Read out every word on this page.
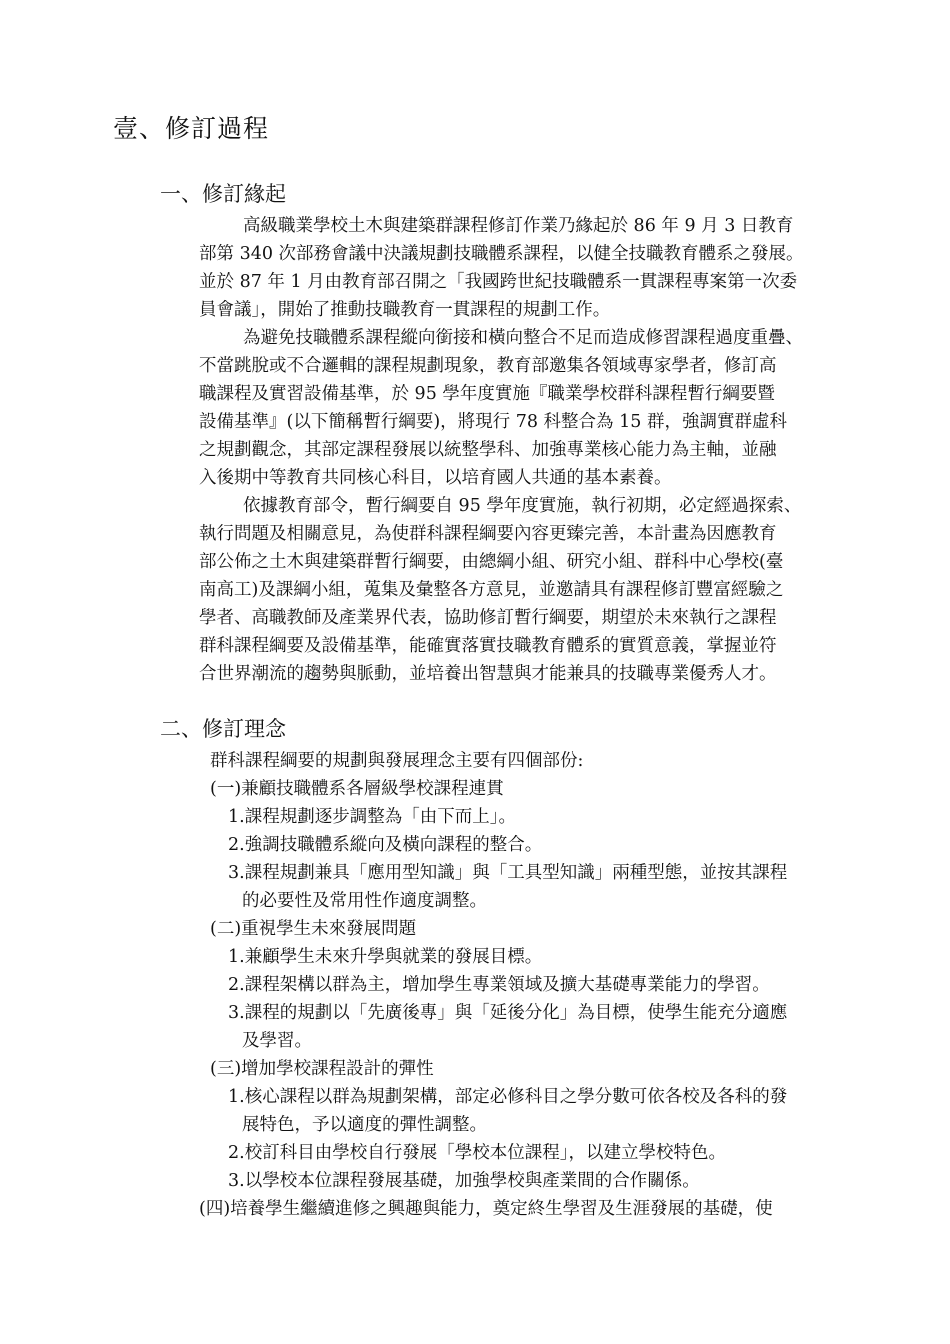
壹、修訂過程
一、修訂緣起

高級職業學校土木與建築群課程修訂作業乃緣起於 86 年 9 月 3 日教育
部第 340 次部務會議中決議規劃技職體系課程，以健全技職教育體系之發展。
並於 87 年 1 月由教育部召開之「我國跨世紀技職體系一貫課程專案第一次委
員會議」，開始了推動技職教育一貫課程的規劃工作。

為避免技職體系課程縱向銜接和橫向整合不足而造成修習課程過度重疊、
不當跳脫或不合邏輯的課程規劃現象，教育部邀集各領域專家學者，修訂高
職課程及實習設備基準，於 95 學年度實施『職業學校群科課程暫行綱要暨
設備基準』(以下簡稱暫行綱要)，將現行 78 科整合為 15 群，強調實群虛科
之規劃觀念，其部定課程發展以統整學科、加強專業核心能力為主軸，並融
入後期中等教育共同核心科目，以培育國人共通的基本素養。

依據教育部令，暫行綱要自 95 學年度實施，執行初期，必定經過探索、
執行問題及相關意見，為使群科課程綱要內容更臻完善，本計畫為因應教育
部公佈之土木與建築群暫行綱要，由總綱小組、研究小組、群科中心學校(臺
南高工)及課綱小組，蒐集及彙整各方意見，並邀請具有課程修訂豐富經驗之
學者、高職教師及產業界代表，協助修訂暫行綱要，期望於未來執行之課程
群科課程綱要及設備基準，能確實落實技職教育體系的實質意義，掌握並符
合世界潮流的趨勢與脈動，並培養出智慧與才能兼具的技職專業優秀人才。

二、修訂理念
群科課程綱要的規劃與發展理念主要有四個部份:
(一)兼顧技職體系各層級學校課程連貫
1.課程規劃逐步調整為「由下而上」。
2.強調技職體系縱向及橫向課程的整合。
3.課程規劃兼具「應用型知識」與「工具型知識」兩種型態，並按其課程
的必要性及常用性作適度調整。
(二)重視學生未來發展問題
1.兼顧學生未來升學與就業的發展目標。
2.課程架構以群為主，增加學生專業領域及擴大基礎專業能力的學習。
3.課程的規劃以「先廣後專」與「延後分化」為目標，使學生能充分適應
及學習。
(三)增加學校課程設計的彈性
1.核心課程以群為規劃架構，部定必修科目之學分數可依各校及各科的發
展特色，予以適度的彈性調整。
2.校訂科目由學校自行發展「學校本位課程」，以建立學校特色。
3.以學校本位課程發展基礎，加強學校與產業間的合作關係。
(四)培養學生繼續進修之興趣與能力，奠定終生學習及生涯發展的基礎，使
